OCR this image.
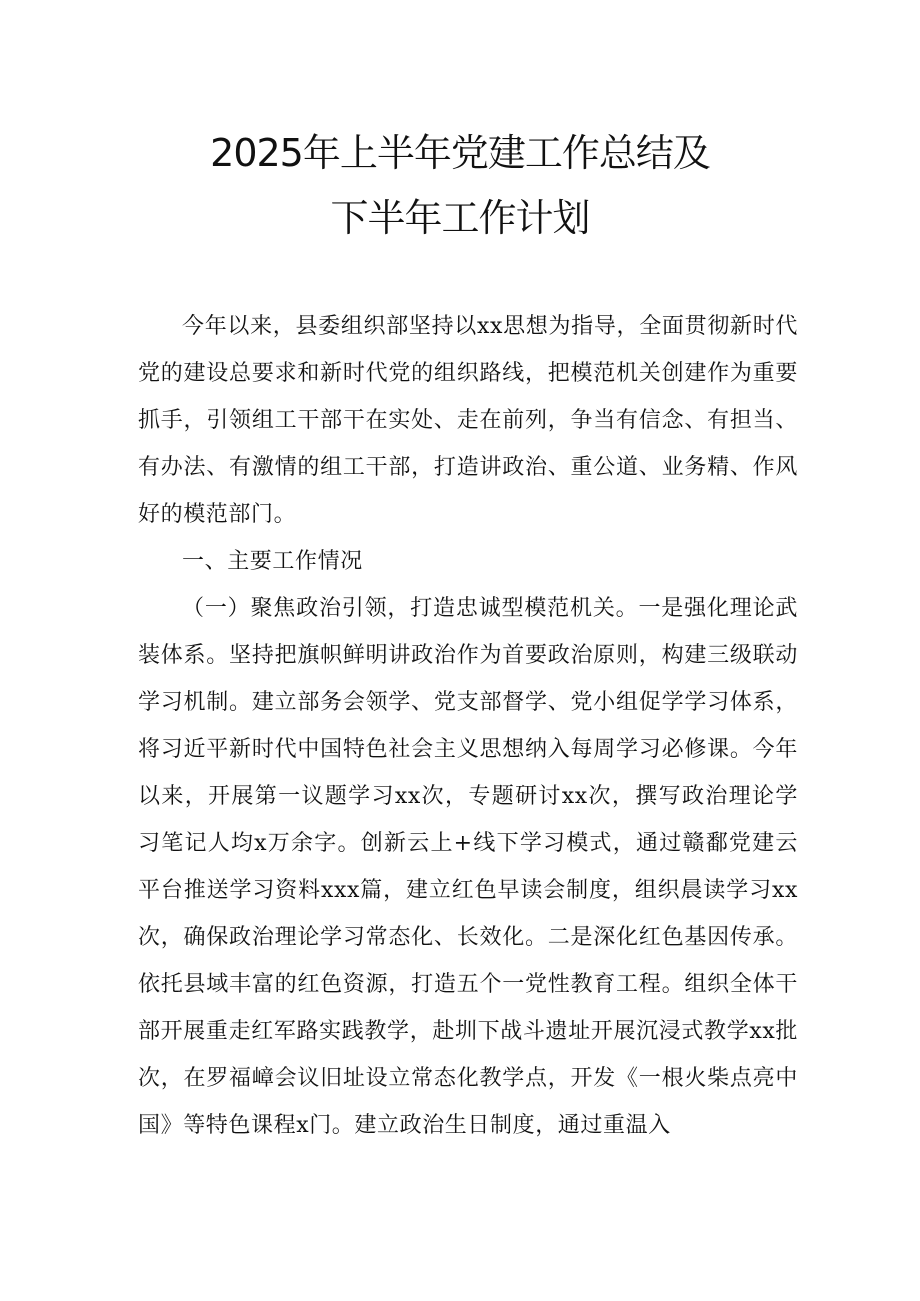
2025年上半年党建工作总结及
下半年工作计划

今年以来，县委组织部坚持以xx思想为指导，全面贯彻新时代党的建设总要求和新时代党的组织路线，把模范机关创建作为重要抓手，引领组工干部干在实处、走在前列，争当有信念、有担当、有办法、有激情的组工干部，打造讲政治、重公道、业务精、作风好的模范部门。

一、主要工作情况

（一）聚焦政治引领，打造忠诚型模范机关。一是强化理论武装体系。坚持把旗帜鲜明讲政治作为首要政治原则，构建三级联动学习机制。建立部务会领学、党支部督学、党小组促学学习体系，将习近平新时代中国特色社会主义思想纳入每周学习必修课。今年以来，开展第一议题学习xx次，专题研讨xx次，撰写政治理论学习笔记人均x万余字。创新云上+线下学习模式，通过赣鄱党建云平台推送学习资料xxx篇，建立红色早读会制度，组织晨读学习xx次，确保政治理论学习常态化、长效化。二是深化红色基因传承。依托县域丰富的红色资源，打造五个一党性教育工程。组织全体干部开展重走红军路实践教学，赴圳下战斗遗址开展沉浸式教学xx批次，在罗福嶂会议旧址设立常态化教学点，开发《一根火柴点亮中国》等特色课程x门。建立政治生日制度，通过重温入
